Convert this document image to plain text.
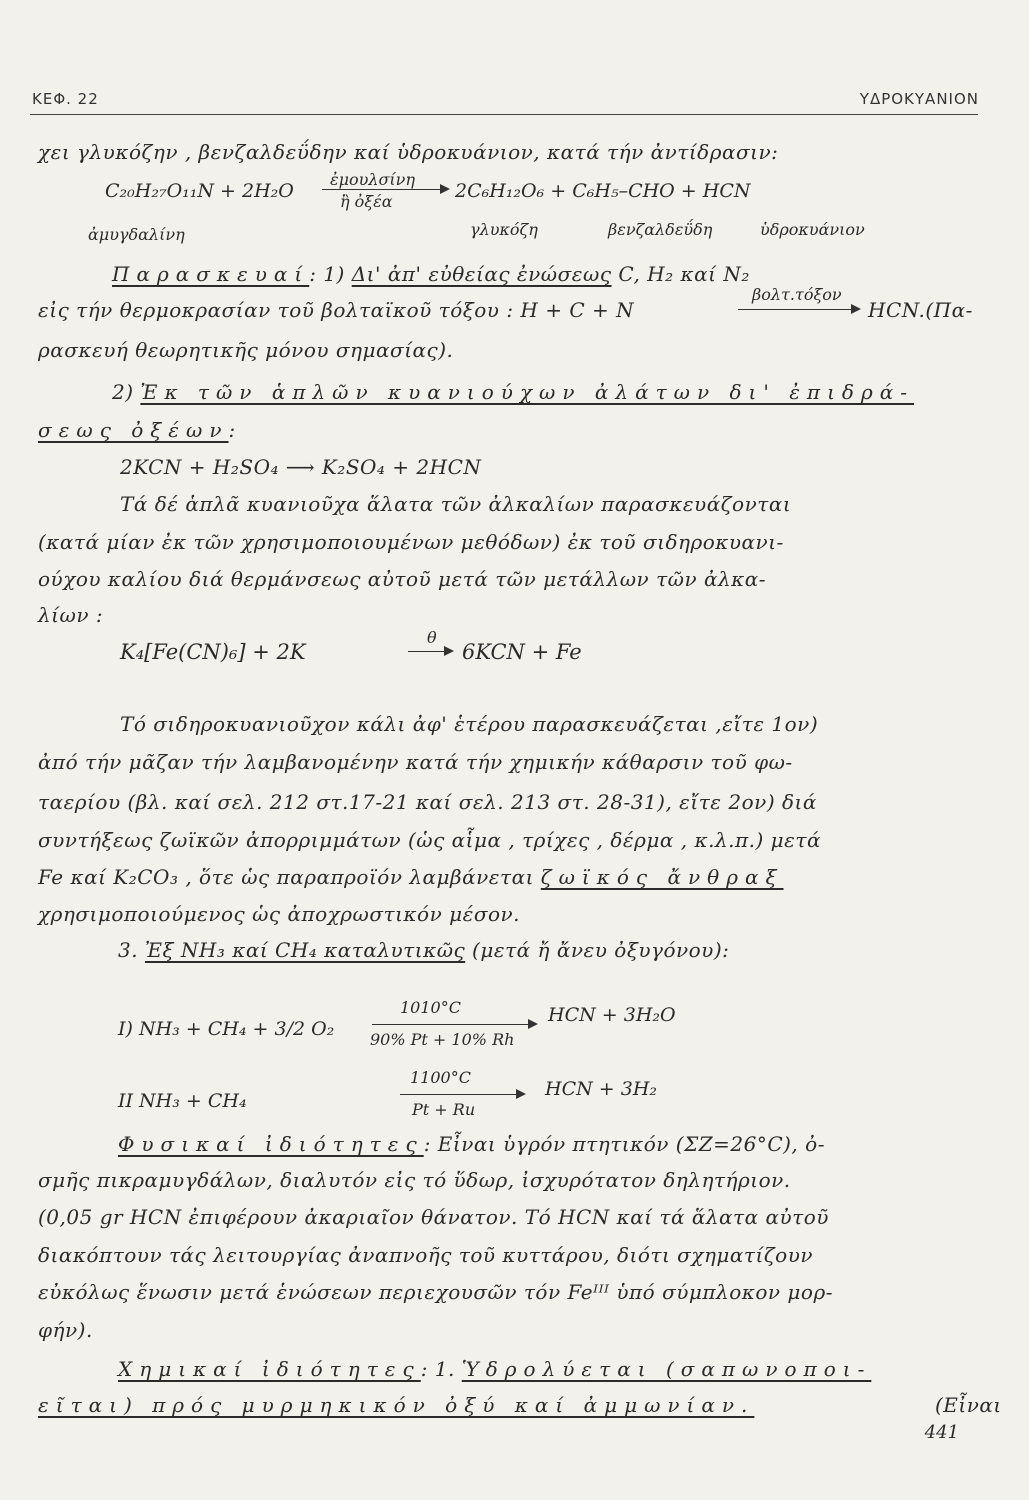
ΚΕΦ. 22	ΥΔΡΟΚΥΑΝΙΟΝ
χει γλυκόζην , βενζαλδεΰδην καί ὑδροκυάνιον, κατά τήν ἀντίδρασιν:
C₂₀H₂₇O₁₁N + 2H₂O
ἐμουλσίνη
ἢ ὀξέα	2C₆H₁₂O₆ + C₆H₅–CHO + HCN
ἀμυγδαλίνη	γλυκόζη	βενζαλδεΰδη	ὑδροκυάνιον
Παρασκευαί: 1) Δι' ἀπ' εὐθείας ἐνώσεως C, H₂ καί N₂
εἰς τήν θερμοκρασίαν τοῦ βολταϊκοῦ τόξου : H + C + N
βολτ.τόξον
HCN.(Πα-
ρασκευή θεωρητικῆς μόνου σημασίας).
2) Ἐκ τῶν ἁπλῶν κυανιούχων ἀλάτων δι' ἐπιδρά-
σεως ὀξέων:
2KCN + H₂SO₄ ⟶ K₂SO₄ + 2HCN
Τά δέ ἁπλᾶ κυανιοῦχα ἅλατα τῶν ἀλκαλίων παρασκευάζονται
(κατά μίαν ἐκ τῶν χρησιμοποιουμένων μεθόδων) ἐκ τοῦ σιδηροκυανι-
ούχου καλίου διά θερμάνσεως αὐτοῦ μετά τῶν μετάλλων τῶν ἀλκα-
λίων :
K₄[Fe(CN)₆] + 2K
θ
6KCN + Fe
Τό σιδηροκυανιοῦχον κάλι ἀφ' ἑτέρου παρασκευάζεται ,εἴτε 1ον)
ἀπό τήν μᾶζαν τήν λαμβανομένην κατά τήν χημικήν κάθαρσιν τοῦ φω-
ταερίου (βλ. καί σελ. 212 στ.17-21 καί σελ. 213 στ. 28-31), εἴτε 2ον) διά
συντήξεως ζωϊκῶν ἀπορριμμάτων (ὡς αἷμα , τρίχες , δέρμα , κ.λ.π.) μετά
Fe καί K₂CO₃ , ὅτε ὡς παραπροϊόν λαμβάνεται ζωϊκός ἄνθραξ
χρησιμοποιούμενος ὡς ἀποχρωστικόν μέσον.
3. Ἐξ NH₃ καί CH₄ καταλυτικῶς (μετά ἤ ἄνευ ὀξυγόνου):
I) NH₃ + CH₄ + 3/2 O₂
1010°C
90% Pt + 10% Rh
HCN + 3H₂O
II NH₃ + CH₄
1100°C
Pt + Ru
HCN + 3H₂
Φυσικαί ἰδιότητες: Εἶναι ὑγρόν πτητικόν (ΣΖ=26°C), ὀ-
σμῆς πικραμυγδάλων, διαλυτόν εἰς τό ὕδωρ, ἰσχυρότατον δηλητήριον.
(0,05 gr HCN ἐπιφέρουν ἀκαριαῖον θάνατον. Τό HCN καί τά ἅλατα αὐτοῦ
διακόπτουν τάς λειτουργίας ἀναπνοῆς τοῦ κυττάρου, διότι σχηματίζουν
εὐκόλως ἕνωσιν μετά ἑνώσεων περιεχουσῶν τόν Feᴵᴵᴵ ὑπό σύμπλοκον μορ-
φήν).
Χημικαί ἰδιότητες: 1. Ὑδρολύεται (σαπωνοποι-
εῖται) πρός μυρμηκικόν ὀξύ καί ἀμμωνίαν.	(Εἶναι
441
